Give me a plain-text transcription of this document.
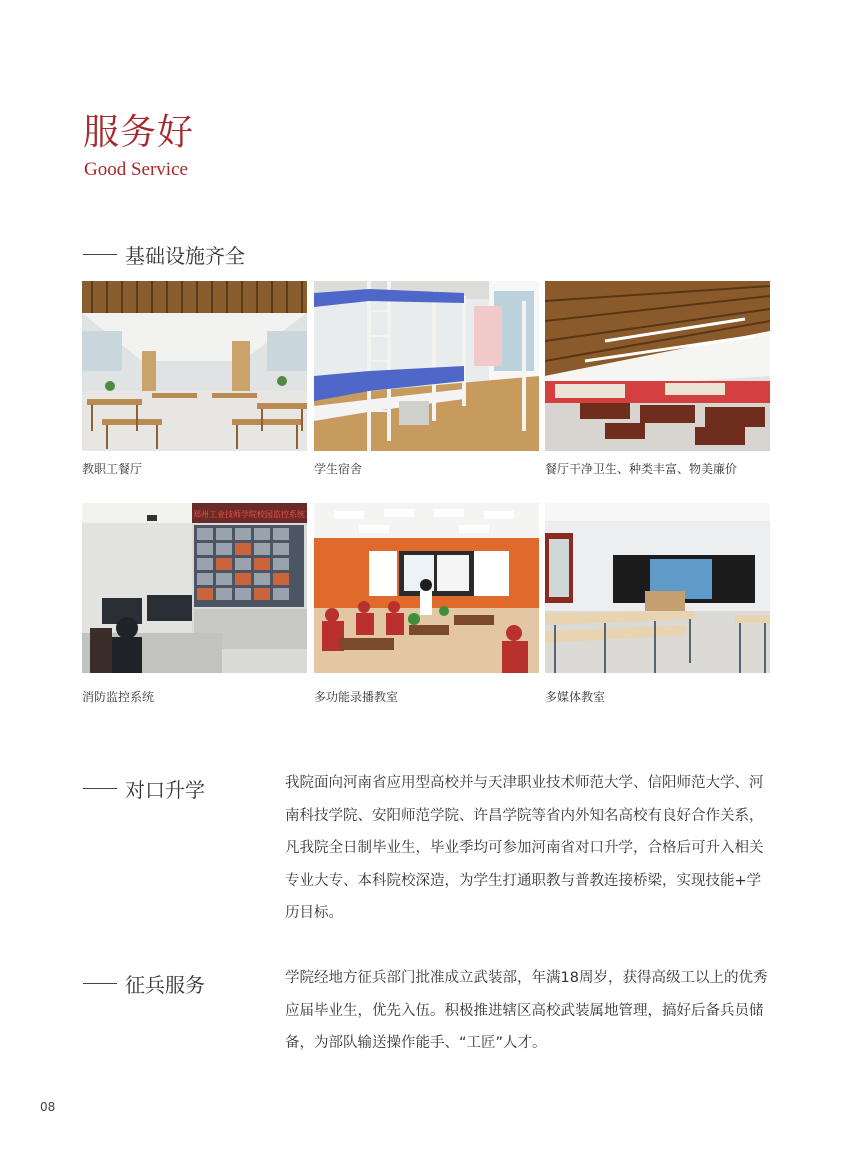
服务好
Good Service
基础设施齐全
教职工餐厅	学生宿舍	餐厅干净卫生、种类丰富、物美廉价
郑州工业技师学院校园监控系统
消防监控系统	多功能录播教室	多媒体教室
对口升学	我院面向河南省应用型高校并与天津职业技术师范大学、信阳师范大学、河南科技学院、安阳师范学院、许昌学院等省内外知名高校有良好合作关系，凡我院全日制毕业生，毕业季均可参加河南省对口升学，合格后可升入相关专业大专、本科院校深造，为学生打通职教与普教连接桥梁，实现技能+学历目标。

征兵服务	学院经地方征兵部门批准成立武装部，年满18周岁，获得高级工以上的优秀应届毕业生，优先入伍。积极推进辖区高校武装属地管理，搞好后备兵员储备，为部队输送操作能手、“工匠”人才。

08
